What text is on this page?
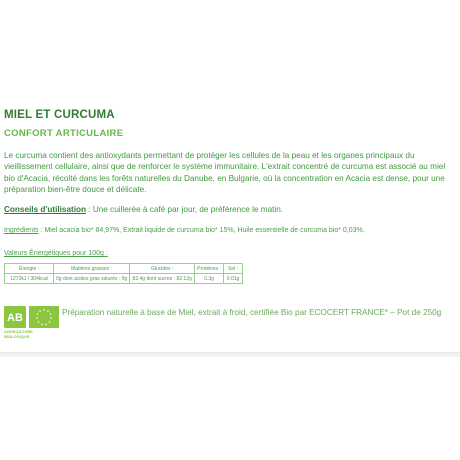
MIEL ET CURCUMA
CONFORT ARTICULAIRE

Le curcuma contient des antioxydants permettant de protéger les cellules de la peau et les organes principaux du vieillissement cellulaire, ainsi que de renforcer le système immunitaire. L'extrait concentré de curcuma est associé au miel bio d'Acacia, récolté dans les forêts naturelles du Danube, en Bulgarie, où la concentration en Acacia est dense, pour une préparation bien-être douce et délicate.

Conseils d'utilisation : Une cuillerée à café par jour, de préférence le matin.

Ingrédients : Miel acacia bio* 84,97%, Extrait liquide de curcuma bio* 15%, Huile essentielle de curcuma bio* 0,03%.

Valeurs Énergétiques pour 100g :

Énergie :	Matières grasses :	Glucides :	Protéines :	Sel :
1272kJ / 304kcal	0g dont acides gras saturés : 0g	82.4g dont sucres : 82.12g	0.3g	0.01g
AB
AGRICULTURE BIOLOGIQUE

Préparation naturelle à base de Miel, extrait à froid, certifiée Bio par ECOCERT FRANCE* – Pot de 250g
